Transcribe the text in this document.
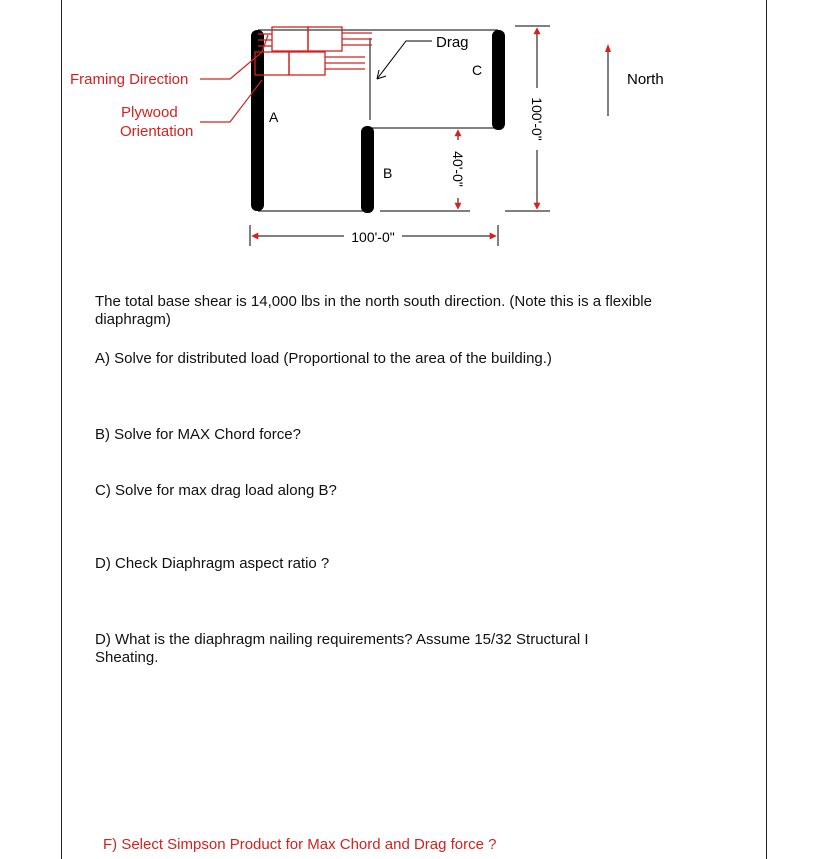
Framing Direction
Plywood
Orientation
A
B
C
Drag
North
100'-0"
100'-0"
40'-0"

The total base shear is 14,000 lbs in the north south direction. (Note this is a flexible diaphragm)

A) Solve for distributed load (Proportional to the area of the building.)

B) Solve for MAX Chord force?

C) Solve for max drag load along B?

D) Check Diaphragm aspect ratio ?

D) What is the diaphragm nailing requirements? Assume 15/32 Structural I Sheating.

F) Select Simpson Product for Max Chord and Drag force ?
